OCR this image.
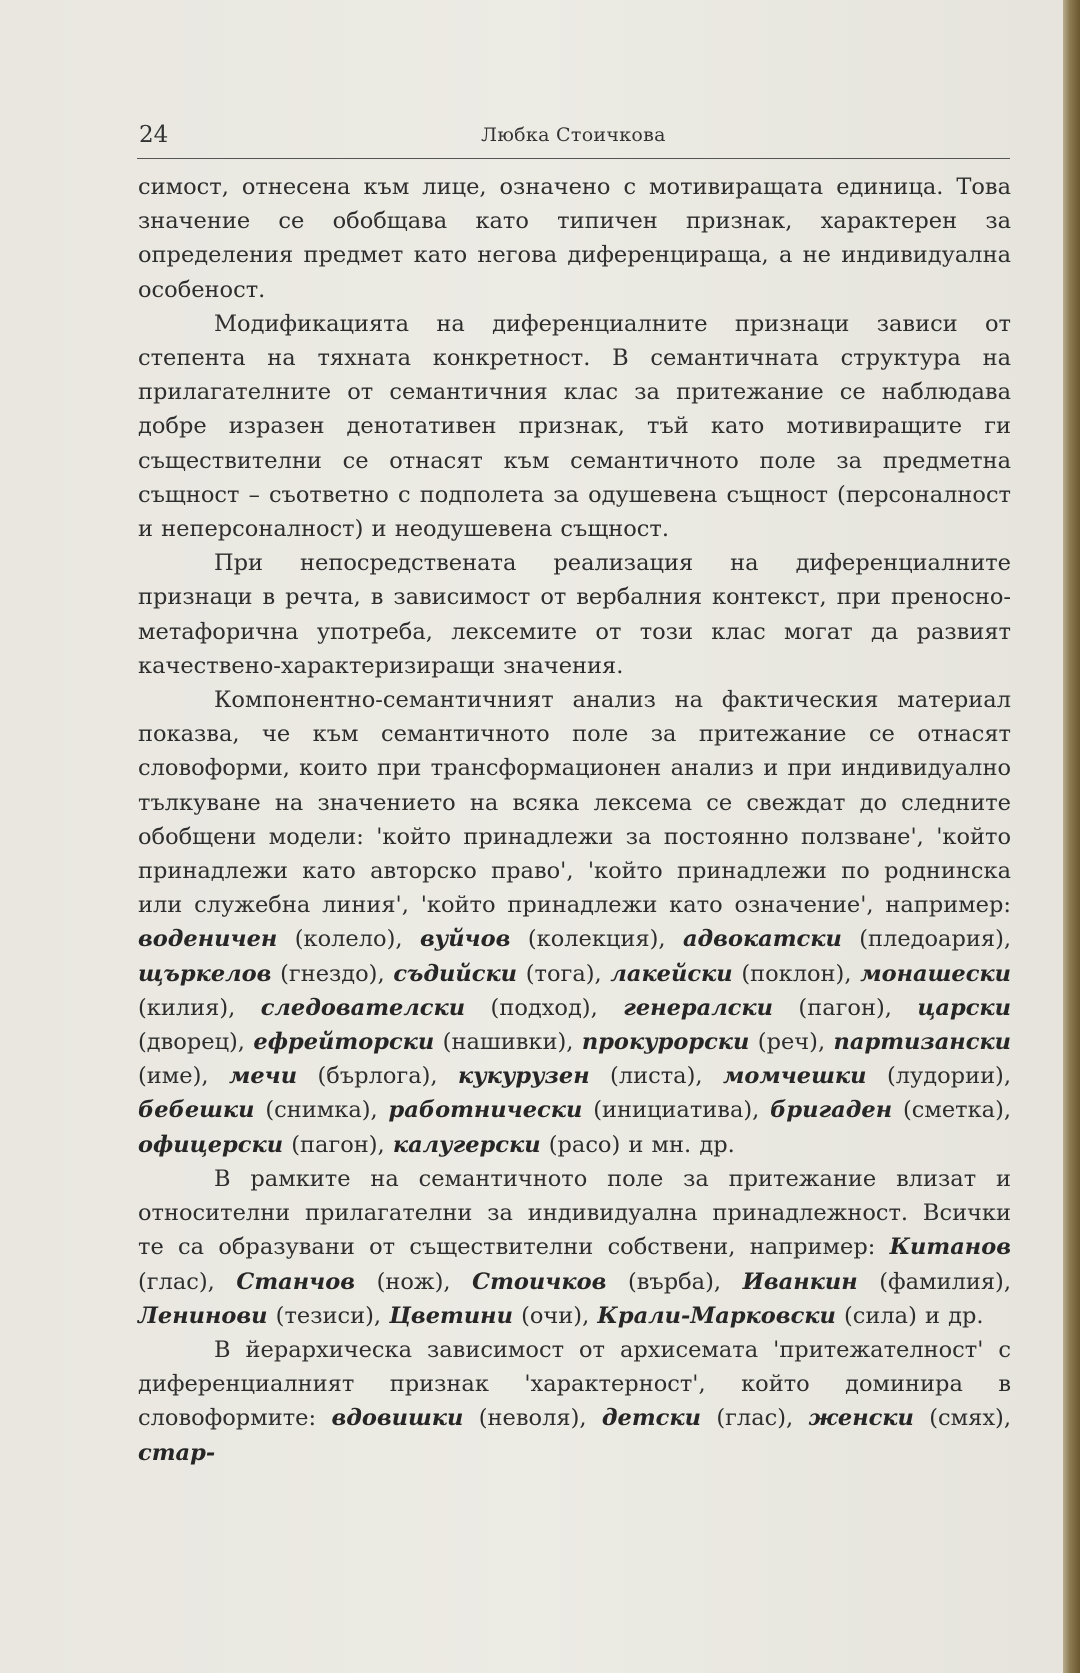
24	Любка Стоичкова

симост, отнесена към лице, означено с мотивиращата единица. Това значение се обобщава като типичен признак, характерен за определения предмет като негова диференцираща, а не индивидуална особеност.

Модификацията на диференциалните признаци зависи от степента на тяхната конкретност. В семантичната структура на прилагателните от семантичния клас за притежание се наблюдава добре изразен денотативен признак, тъй като мотивиращите ги съществителни се отнасят към семантичното поле за предметна същност – съответно с подполета за одушевена същност (персоналност и неперсоналност) и неодушевена същност.

При непосредствената реализация на диференциалните признаци в речта, в зависимост от вербалния контекст, при преносно-метафорична употреба, лексемите от този клас могат да развият качествено-характеризиращи значения.

Компонентно-семантичният анализ на фактическия материал показва, че към семантичното поле за притежание се отнасят словоформи, които при трансформационен анализ и при индивидуално тълкуване на значението на всяка лексема се свеждат до следните обобщени модели: 'който принадлежи за постоянно ползване', 'който принадлежи като авторско право', 'който принадлежи по роднинска или служебна линия', 'който принадлежи като означение', например: воденичен (колело), вуйчов (колекция), адвокатски (пледоария), щъркелов (гнездо), съдийски (тога), лакейски (поклон), монашески (килия), следователски (подход), генералски (пагон), царски (дворец), ефрейторски (нашивки), прокурорски (реч), партизански (име), мечи (бърлога), кукурузен (листа), момчешки (лудории), бебешки (снимка), работнически (инициатива), бригаден (сметка), офицерски (пагон), калугерски (расо) и мн. др.

В рамките на семантичното поле за притежание влизат и относителни прилагателни за индивидуална принадлежност. Всички те са образувани от съществителни собствени, например: Китанов (глас), Станчов (нож), Стоичков (върба), Иванкин (фамилия), Ленинови (тезиси), Цветини (очи), Крали-Марковски (сила) и др.

В йерархическа зависимост от архисемата 'притежателност' с диференциалният признак 'характерност', който доминира в словоформите: вдовишки (неволя), детски (глас), женски (смях), стар-
